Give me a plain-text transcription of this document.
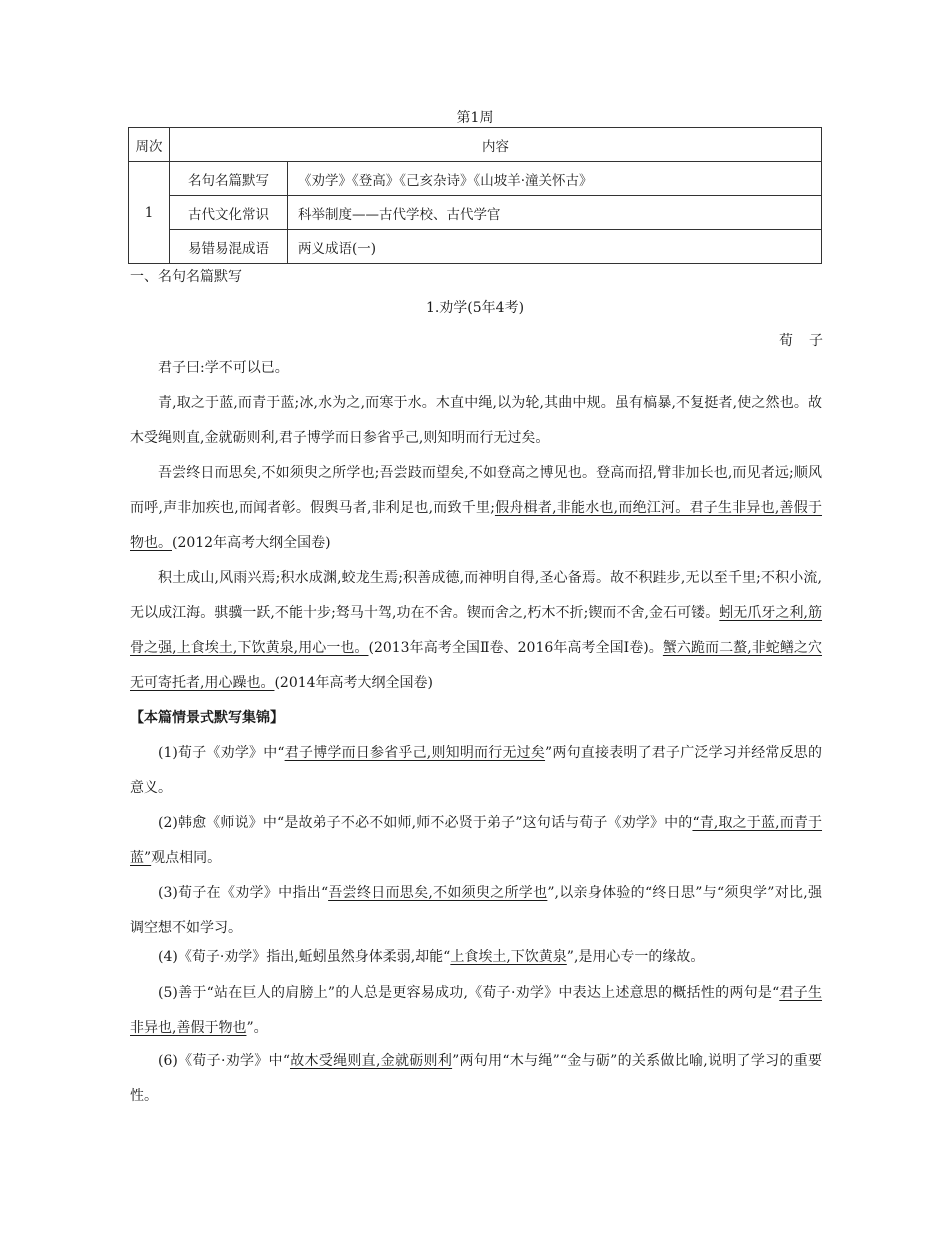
第1周
周次	内容	
1	名句名篇默写	《劝学》《登高》《己亥杂诗》《山坡羊·潼关怀古》
	古代文化常识	科举制度——古代学校、古代学官
	易错易混成语	两义成语(一)
一、名句名篇默写
1.劝学(5年4考)
荀子

君子曰:学不可以已。

青,取之于蓝,而青于蓝;冰,水为之,而寒于水。木直中绳,以为轮,其曲中规。虽有槁暴,不复挺者,使之然也。故木受绳则直,金就砺则利,君子博学而日参省乎己,则知明而行无过矣。

吾尝终日而思矣,不如须臾之所学也;吾尝跂而望矣,不如登高之博见也。登高而招,臂非加长也,而见者远;顺风而呼,声非加疾也,而闻者彰。假舆马者,非利足也,而致千里;假舟楫者,非能水也,而绝江河。君子生非异也,善假于物也。(2012年高考大纲全国卷)

积土成山,风雨兴焉;积水成渊,蛟龙生焉;积善成德,而神明自得,圣心备焉。故不积跬步,无以至千里;不积小流,无以成江海。骐骥一跃,不能十步;驽马十驾,功在不舍。锲而舍之,朽木不折;锲而不舍,金石可镂。蚓无爪牙之利,筋骨之强,上食埃土,下饮黄泉,用心一也。(2013年高考全国Ⅱ卷、2016年高考全国Ⅰ卷)。蟹六跪而二螯,非蛇鳝之穴无可寄托者,用心躁也。(2014年高考大纲全国卷)

【本篇情景式默写集锦】

(1)荀子《劝学》中“君子博学而日参省乎己,则知明而行无过矣”两句直接表明了君子广泛学习并经常反思的意义。

(2)韩愈《师说》中“是故弟子不必不如师,师不必贤于弟子”这句话与荀子《劝学》中的“青,取之于蓝,而青于蓝”观点相同。

(3)荀子在《劝学》中指出“吾尝终日而思矣,不如须臾之所学也”,以亲身体验的“终日思”与“须臾学”对比,强调空想不如学习。

(4)《荀子·劝学》指出,蚯蚓虽然身体柔弱,却能“上食埃土,下饮黄泉”,是用心专一的缘故。

(5)善于“站在巨人的肩膀上”的人总是更容易成功,《荀子·劝学》中表达上述意思的概括性的两句是“君子生非异也,善假于物也”。

(6)《荀子·劝学》中“故木受绳则直,金就砺则利”两句用“木与绳”“金与砺”的关系做比喻,说明了学习的重要性。
